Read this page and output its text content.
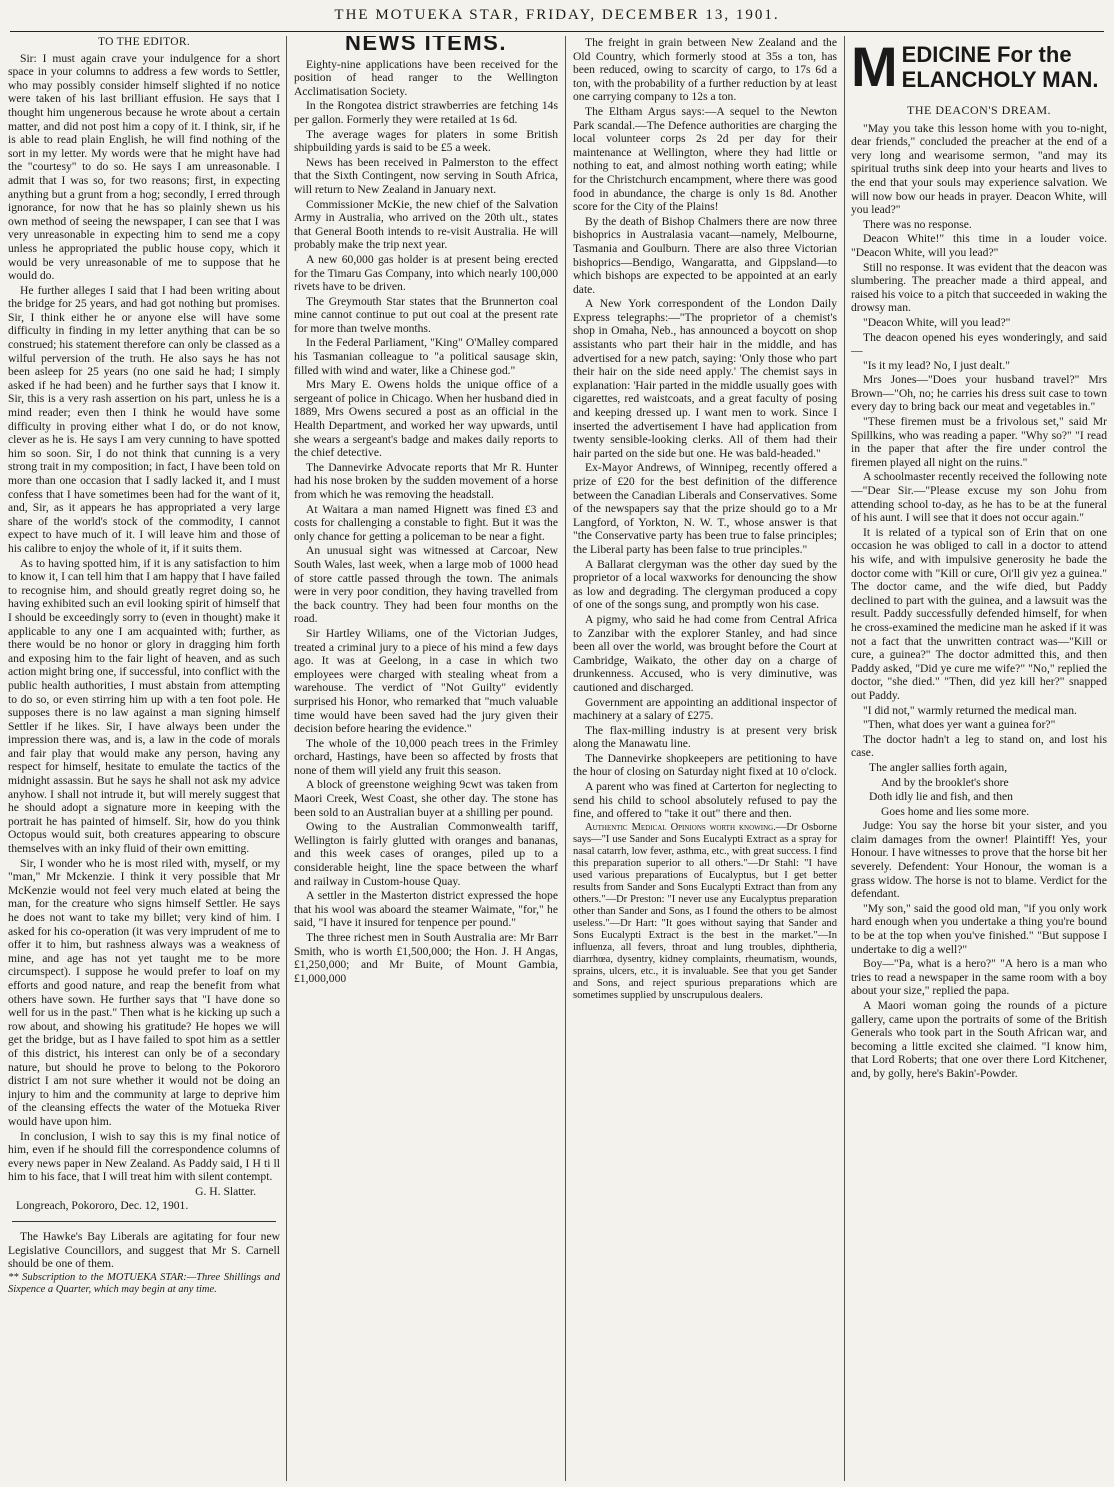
THE MOTUEKA STAR, FRIDAY, DECEMBER 13, 1901.
TO THE EDITOR.

Sir: I must again crave your indulgence for a short space in your columns to address a few words to Settler, who may possibly consider himself slighted if no notice were taken of his last brilliant effusion. He says that I thought him ungenerous because he wrote about a certain matter, and did not post him a copy of it. I think, sir, if he is able to read plain English, he will find nothing of the sort in my letter. My words were that he might have had the "courtesy" to do so. He says I am unreasonable. I admit that I was so, for two reasons; first, in expecting anything but a grunt from a hog; secondly, I erred through ignorance, for now that he has so plainly shewn us his own method of seeing the newspaper, I can see that I was very unreasonable in expecting him to send me a copy unless he appropriated the public house copy, which it would be very unreasonable of me to suppose that he would do.

He further alleges I said that I had been writing about the bridge for 25 years, and had got nothing but promises. Sir, I think either he or anyone else will have some difficulty in finding in my letter anything that can be so construed; his statement therefore can only be classed as a wilful perversion of the truth. He also says he has not been asleep for 25 years (no one said he had; I simply asked if he had been) and he further says that I know it. Sir, this is a very rash assertion on his part, unless he is a mind reader; even then I think he would have some difficulty in proving either what I do, or do not know, clever as he is. He says I am very cunning to have spotted him so soon. Sir, I do not think that cunning is a very strong trait in my composition; in fact, I have been told on more than one occasion that I sadly lacked it, and I must confess that I have sometimes been had for the want of it, and, Sir, as it appears he has appropriated a very large share of the world's stock of the commodity, I cannot expect to have much of it. I will leave him and those of his calibre to enjoy the whole of it, if it suits them.

As to having spotted him, if it is any satisfaction to him to know it, I can tell him that I am happy that I have failed to recognise him, and should greatly regret doing so, he having exhibited such an evil looking spirit of himself that I should be exceedingly sorry to (even in thought) make it applicable to any one I am acquainted with; further, as there would be no honor or glory in dragging him forth and exposing him to the fair light of heaven, and as such action might bring one, if successful, into conflict with the public health authorities, I must abstain from attempting to do so, or even stirring him up with a ten foot pole. He supposes there is no law against a man signing himself Settler if he likes. Sir, I have always been under the impression there was, and is, a law in the code of morals and fair play that would make any person, having any respect for himself, hesitate to emulate the tactics of the midnight assassin. But he says he shall not ask my advice anyhow. I shall not intrude it, but will merely suggest that he should adopt a signature more in keeping with the portrait he has painted of himself. Sir, how do you think Octopus would suit, both creatures appearing to obscure themselves with an inky fluid of their own emitting.

Sir, I wonder who he is most riled with, myself, or my "man," Mr Mckenzie. I think it very possible that Mr McKenzie would not feel very much elated at being the man, for the creature who signs himself Settler. He says he does not want to take my billet; very kind of him. I asked for his co-operation (it was very imprudent of me to offer it to him, but rashness always was a weakness of mine, and age has not yet taught me to be more circumspect). I suppose he would prefer to loaf on my efforts and good nature, and reap the benefit from what others have sown. He further says that "I have done so well for us in the past." Then what is he kicking up such a row about, and showing his gratitude? He hopes we will get the bridge, but as I have failed to spot him as a settler of this district, his interest can only be of a secondary nature, but should he prove to belong to the Pokororo district I am not sure whether it would not be doing an injury to him and the community at large to deprive him of the cleansing effects the water of the Motueka River would have upon him.

In conclusion, I wish to say this is my final notice of him, even if he should fill the correspondence columns of every news paper in New Zealand. As Paddy said, I H ti ll him to his face, that I will treat him with silent contempt.

G. H. Slatter.

Longreach, Pokororo, Dec. 12, 1901.

The Hawke's Bay Liberals are agitating for four new Legislative Councillors, and suggest that Mr S. Carnell should be one of them.

** Subscription to the MOTUEKA STAR:—Three Shillings and Sixpence a Quarter, which may begin at any time.

NEWS ITEMS.

Eighty-nine applications have been received for the position of head ranger to the Wellington Acclimatisation Society.

In the Rongotea district strawberries are fetching 14s per gallon. Formerly they were retailed at 1s 6d.

The average wages for platers in some British shipbuilding yards is said to be £5 a week.

News has been received in Palmerston to the effect that the Sixth Contingent, now serving in South Africa, will return to New Zealand in January next.

Commissioner McKie, the new chief of the Salvation Army in Australia, who arrived on the 20th ult., states that General Booth intends to re-visit Australia. He will probably make the trip next year.

A new 60,000 gas holder is at present being erected for the Timaru Gas Company, into which nearly 100,000 rivets have to be driven.

The Greymouth Star states that the Brunnerton coal mine cannot continue to put out coal at the present rate for more than twelve months.

In the Federal Parliament, "King" O'Malley compared his Tasmanian colleague to "a political sausage skin, filled with wind and water, like a Chinese god."

Mrs Mary E. Owens holds the unique office of a sergeant of police in Chicago. When her husband died in 1889, Mrs Owens secured a post as an official in the Health Department, and worked her way upwards, until she wears a sergeant's badge and makes daily reports to the chief detective.

The Dannevirke Advocate reports that Mr R. Hunter had his nose broken by the sudden movement of a horse from which he was removing the headstall.

At Waitara a man named Hignett was fined £3 and costs for challenging a constable to fight. But it was the only chance for getting a policeman to be near a fight.

An unusual sight was witnessed at Carcoar, New South Wales, last week, when a large mob of 1000 head of store cattle passed through the town. The animals were in very poor condition, they having travelled from the back country. They had been four months on the road.

Sir Hartley Wiliams, one of the Victorian Judges, treated a criminal jury to a piece of his mind a few days ago. It was at Geelong, in a case in which two employees were charged with stealing wheat from a warehouse. The verdict of "Not Guilty" evidently surprised his Honor, who remarked that "much valuable time would have been saved had the jury given their decision before hearing the evidence."

The whole of the 10,000 peach trees in the Frimley orchard, Hastings, have been so affected by frosts that none of them will yield any fruit this season.

A block of greenstone weighing 9cwt was taken from Maori Creek, West Coast, she other day. The stone has been sold to an Australian buyer at a shilling per pound.

Owing to the Australian Commonwealth tariff, Wellington is fairly glutted with oranges and bananas, and this week cases of oranges, piled up to a considerable height, line the space between the wharf and railway in Custom-house Quay.

A settler in the Masterton district expressed the hope that his wool was aboard the steamer Waimate, "for," he said, "I have it insured for tenpence per pound."

The three richest men in South Australia are: Mr Barr Smith, who is worth £1,500,000; the Hon. J. H Angas, £1,250,000; and Mr Buite, of Mount Gambia, £1,000,000

The freight in grain between New Zealand and the Old Country, which formerly stood at 35s a ton, has been reduced, owing to scarcity of cargo, to 17s 6d a ton, with the probability of a further reduction by at least one carrying company to 12s a ton.

The Eltham Argus says:—A sequel to the Newton Park scandal.—The Defence authorities are charging the local volunteer corps 2s 2d per day for their maintenance at Wellington, where they had little or nothing to eat, and almost nothing worth eating; while for the Christchurch encampment, where there was good food in abundance, the charge is only 1s 8d. Another score for the City of the Plains!

By the death of Bishop Chalmers there are now three bishoprics in Australasia vacant—namely, Melbourne, Tasmania and Goulburn. There are also three Victorian bishoprics—Bendigo, Wangaratta, and Gippsland—to which bishops are expected to be appointed at an early date.

A New York correspondent of the London Daily Express telegraphs:—"The proprietor of a chemist's shop in Omaha, Neb., has announced a boycott on shop assistants who part their hair in the middle, and has advertised for a new patch, saying: 'Only those who part their hair on the side need apply.' The chemist says in explanation: 'Hair parted in the middle usually goes with cigarettes, red waistcoats, and a great faculty of posing and keeping dressed up. I want men to work. Since I inserted the advertisement I have had application from twenty sensible-looking clerks. All of them had their hair parted on the side but one. He was bald-headed."

Ex-Mayor Andrews, of Winnipeg, recently offered a prize of £20 for the best definition of the difference between the Canadian Liberals and Conservatives. Some of the newspapers say that the prize should go to a Mr Langford, of Yorkton, N. W. T., whose answer is that "the Conservative party has been true to false principles; the Liberal party has been false to true principles."

A Ballarat clergyman was the other day sued by the proprietor of a local waxworks for denouncing the show as low and degrading. The clergyman produced a copy of one of the songs sung, and promptly won his case.

A pigmy, who said he had come from Central Africa to Zanzibar with the explorer Stanley, and had since been all over the world, was brought before the Court at Cambridge, Waikato, the other day on a charge of drunkenness. Accused, who is very diminutive, was cautioned and discharged.

Government are appointing an additional inspector of machinery at a salary of £275.

The flax-milling industry is at present very brisk along the Manawatu line.

The Dannevirke shopkeepers are petitioning to have the hour of closing on Saturday night fixed at 10 o'clock.

A parent who was fined at Carterton for neglecting to send his child to school absolutely refused to pay the fine, and offered to "take it out" there and then.

Authentic Medical Opinions worth knowing.—Dr Osborne says—"I use Sander and Sons Eucalypti Extract as a spray for nasal catarrh, low fever, asthma, etc., with great success. I find this preparation superior to all others."—Dr Stahl: "I have used various preparations of Eucalyptus, but I get better results from Sander and Sons Eucalypti Extract than from any others."—Dr Preston: "I never use any Eucalyptus preparation other than Sander and Sons, as I found the others to be almost useless."—Dr Hart: "It goes without saying that Sander and Sons Eucalypti Extract is the best in the market."—In influenza, all fevers, throat and lung troubles, diphtheria, diarrhœa, dysentry, kidney complaints, rheumatism, wounds, sprains, ulcers, etc., it is invaluable. See that you get Sander and Sons, and reject spurious preparations which are sometimes supplied by unscrupulous dealers.

M EDICINE For the
ELANCHOLY MAN.
THE DEACON'S DREAM.

"May you take this lesson home with you to-night, dear friends," concluded the preacher at the end of a very long and wearisome sermon, "and may its spiritual truths sink deep into your hearts and lives to the end that your souls may experience salvation. We will now bow our heads in prayer. Deacon White, will you lead?"

There was no response.

Deacon White!" this time in a louder voice. "Deacon White, will you lead?"

Still no response. It was evident that the deacon was slumbering. The preacher made a third appeal, and raised his voice to a pitch that succeeded in waking the drowsy man.

"Deacon White, will you lead?"

The deacon opened his eyes wonderingly, and said—

"Is it my lead? No, I just dealt."

Mrs Jones—"Does your husband travel?" Mrs Brown—"Oh, no; he carries his dress suit case to town every day to bring back our meat and vegetables in."

"These firemen must be a frivolous set," said Mr Spillkins, who was reading a paper. "Why so?" "I read in the paper that after the fire under control the firemen played all night on the ruins."

A schoolmaster recently received the following note—"Dear Sir.—"Please excuse my son Johu from attending school to-day, as he has to be at the funeral of his aunt. I will see that it does not occur again."

It is related of a typical son of Erin that on one occasion he was obliged to call in a doctor to attend his wife, and with impulsive generosity he bade the doctor come with "Kill or cure, Oi'll giv yez a guinea." The doctor came, and the wife died, but Paddy declined to part with the guinea, and a lawsuit was the result. Paddy successfully defended himself, for when he cross-examined the medicine man he asked if it was not a fact that the unwritten contract was—"Kill or cure, a guinea?" The doctor admitted this, and then Paddy asked, "Did ye cure me wife?" "No," replied the doctor, "she died." "Then, did yez kill her?" snapped out Paddy.

"I did not," warmly returned the medical man.

"Then, what does yer want a guinea for?"

The doctor hadn't a leg to stand on, and lost his case.

The angler sallies forth again,

And by the brooklet's shore

Doth idly lie and fish, and then

Goes home and lies some more.

Judge: You say the horse bit your sister, and you claim damages from the owner! Plaintiff! Yes, your Honour. I have witnesses to prove that the horse bit her severely. Defendent: Your Honour, the woman is a grass widow. The horse is not to blame. Verdict for the defendant.

"My son," said the good old man, "if you only work hard enough when you undertake a thing you're bound to be at the top when you've finished." "But suppose I undertake to dig a well?"

Boy—"Pa, what is a hero?" "A hero is a man who tries to read a newspaper in the same room with a boy about your size," replied the papa.

A Maori woman going the rounds of a picture gallery, came upon the portraits of some of the British Generals who took part in the South African war, and becoming a little excited she claimed. "I know him, that Lord Roberts; that one over there Lord Kitchener, and, by golly, here's Bakin'-Powder.
